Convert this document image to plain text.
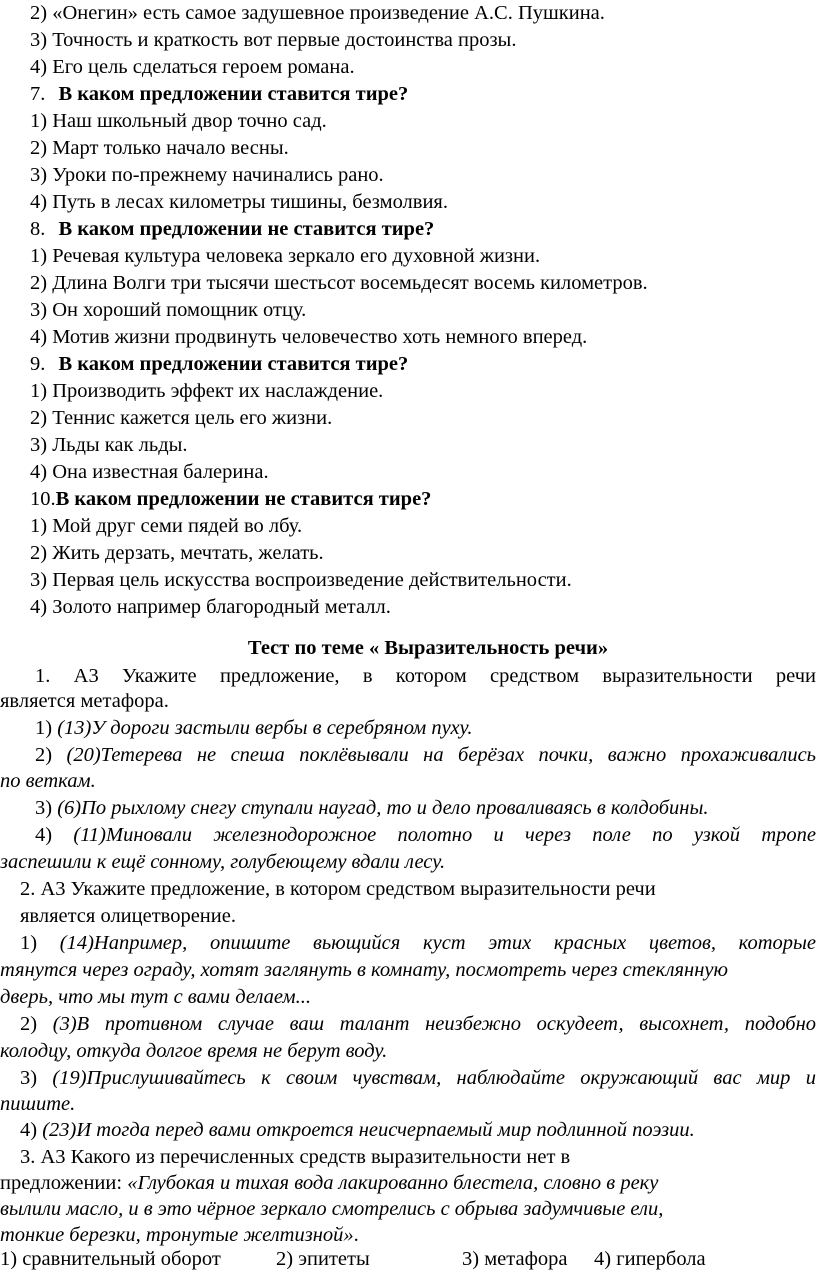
2) «Онегин» есть самое задушевное произведение А.С. Пушкина.
3) Точность и краткость вот первые достоинства прозы.
4) Его цель сделаться героем романа.
7. В каком предложении ставится тире?
1) Наш школьный двор точно сад.
2) Март только начало весны.
3) Уроки по-прежнему начинались рано.
4) Путь в лесах километры тишины, безмолвия.
8. В каком предложении не ставится тире?
1) Речевая культура человека зеркало его духовной жизни.
2) Длина Волги три тысячи шестьсот восемьдесят восемь километров.
3) Он хороший помощник отцу.
4) Мотив жизни продвинуть человечество хоть немного вперед.
9. В каком предложении ставится тире?
1) Производить эффект их наслаждение.
2) Теннис кажется цель его жизни.
3) Льды как льды.
4) Она известная балерина.
10.В каком предложении не ставится тире?
1) Мой друг семи пядей во лбу.
2) Жить дерзать, мечтать, желать.
3) Первая цель искусства воспроизведение действительности.
4) Золото например благородный металл.
Тест по теме « Выразительность речи»
1. А3 Укажите предложение, в котором средством выразительности речи
является метафора.
1) (13)У дороги застыли вербы в серебряном пуху.
2) (20)Тетерева не спеша поклёвывали на берёзах почки, важно прохаживались
по веткам.
3) (6)По рыхлому снегу ступали наугад, то и дело проваливаясь в колдобины.
4) (11)Миновали железнодорожное полотно и через поле по узкой тропе
заспешили к ещё сонному, голубеющему вдали лесу.
2. А3 Укажите предложение, в котором средством выразительности речи
является олицетворение.
1) (14)Например, опишите вьющийся куст этих красных цветов, которые
тянутся через ограду, хотят заглянуть в комнату, посмотреть через стеклянную
дверь, что мы тут с вами делаем...
2) (3)В противном случае ваш талант неизбежно оскудеет, высохнет, подобно
колодцу, откуда долгое время не берут воду.
3) (19)Прислушивайтесь к своим чувствам, наблюдайте окружающий вас мир и
пишите.
4) (23)И тогда перед вами откроется неисчерпаемый мир подлинной поэзии.
3. А3 Какого из перечисленных средств выразительности нет в
предложении: «Глубокая и тихая вода лакированно блестела, словно в реку
вылили масло, и в это чёрное зеркало смотрелись с обрыва задумчивые ели,
тонкие березки, тронутые желтизной».
1) сравнительный оборот	2) эпитеты	3) метафора 4) гипербола
